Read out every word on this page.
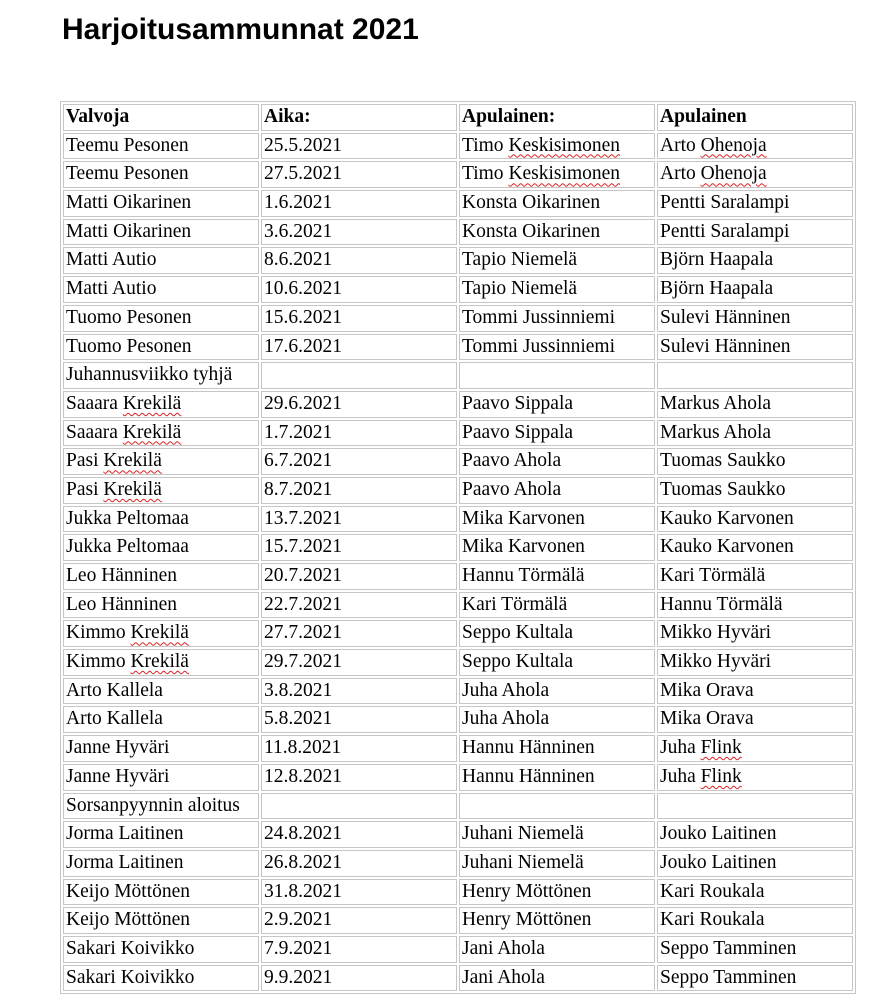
Harjoitusammunnat 2021
Valvoja	Aika:	Apulainen:	Apulainen
Teemu Pesonen	25.5.2021	Timo Keskisimonen	Arto Ohenoja
Teemu Pesonen	27.5.2021	Timo Keskisimonen	Arto Ohenoja
Matti Oikarinen	1.6.2021	Konsta Oikarinen	Pentti Saralampi
Matti Oikarinen	3.6.2021	Konsta Oikarinen	Pentti Saralampi
Matti Autio	8.6.2021	Tapio Niemelä	Björn Haapala
Matti Autio	10.6.2021	Tapio Niemelä	Björn Haapala
Tuomo Pesonen	15.6.2021	Tommi Jussinniemi	Sulevi Hänninen
Tuomo Pesonen	17.6.2021	Tommi Jussinniemi	Sulevi Hänninen
Juhannusviikko tyhjä			
Saaara Krekilä	29.6.2021	Paavo Sippala	Markus Ahola
Saaara Krekilä	1.7.2021	Paavo Sippala	Markus Ahola
Pasi Krekilä	6.7.2021	Paavo Ahola	Tuomas Saukko
Pasi Krekilä	8.7.2021	Paavo Ahola	Tuomas Saukko
Jukka Peltomaa	13.7.2021	Mika Karvonen	Kauko Karvonen
Jukka Peltomaa	15.7.2021	Mika Karvonen	Kauko Karvonen
Leo Hänninen	20.7.2021	Hannu Törmälä	Kari Törmälä
Leo Hänninen	22.7.2021	Kari Törmälä	Hannu Törmälä
Kimmo Krekilä	27.7.2021	Seppo Kultala	Mikko Hyväri
Kimmo Krekilä	29.7.2021	Seppo Kultala	Mikko Hyväri
Arto Kallela	3.8.2021	Juha Ahola	Mika Orava
Arto Kallela	5.8.2021	Juha Ahola	Mika Orava
Janne Hyväri	11.8.2021	Hannu Hänninen	Juha Flink
Janne Hyväri	12.8.2021	Hannu Hänninen	Juha Flink
Sorsanpyynnin aloitus			
Jorma Laitinen	24.8.2021	Juhani Niemelä	Jouko Laitinen
Jorma Laitinen	26.8.2021	Juhani Niemelä	Jouko Laitinen
Keijo Möttönen	31.8.2021	Henry Möttönen	Kari Roukala
Keijo Möttönen	2.9.2021	Henry Möttönen	Kari Roukala
Sakari Koivikko	7.9.2021	Jani Ahola	Seppo Tamminen
Sakari Koivikko	9.9.2021	Jani Ahola	Seppo Tamminen
